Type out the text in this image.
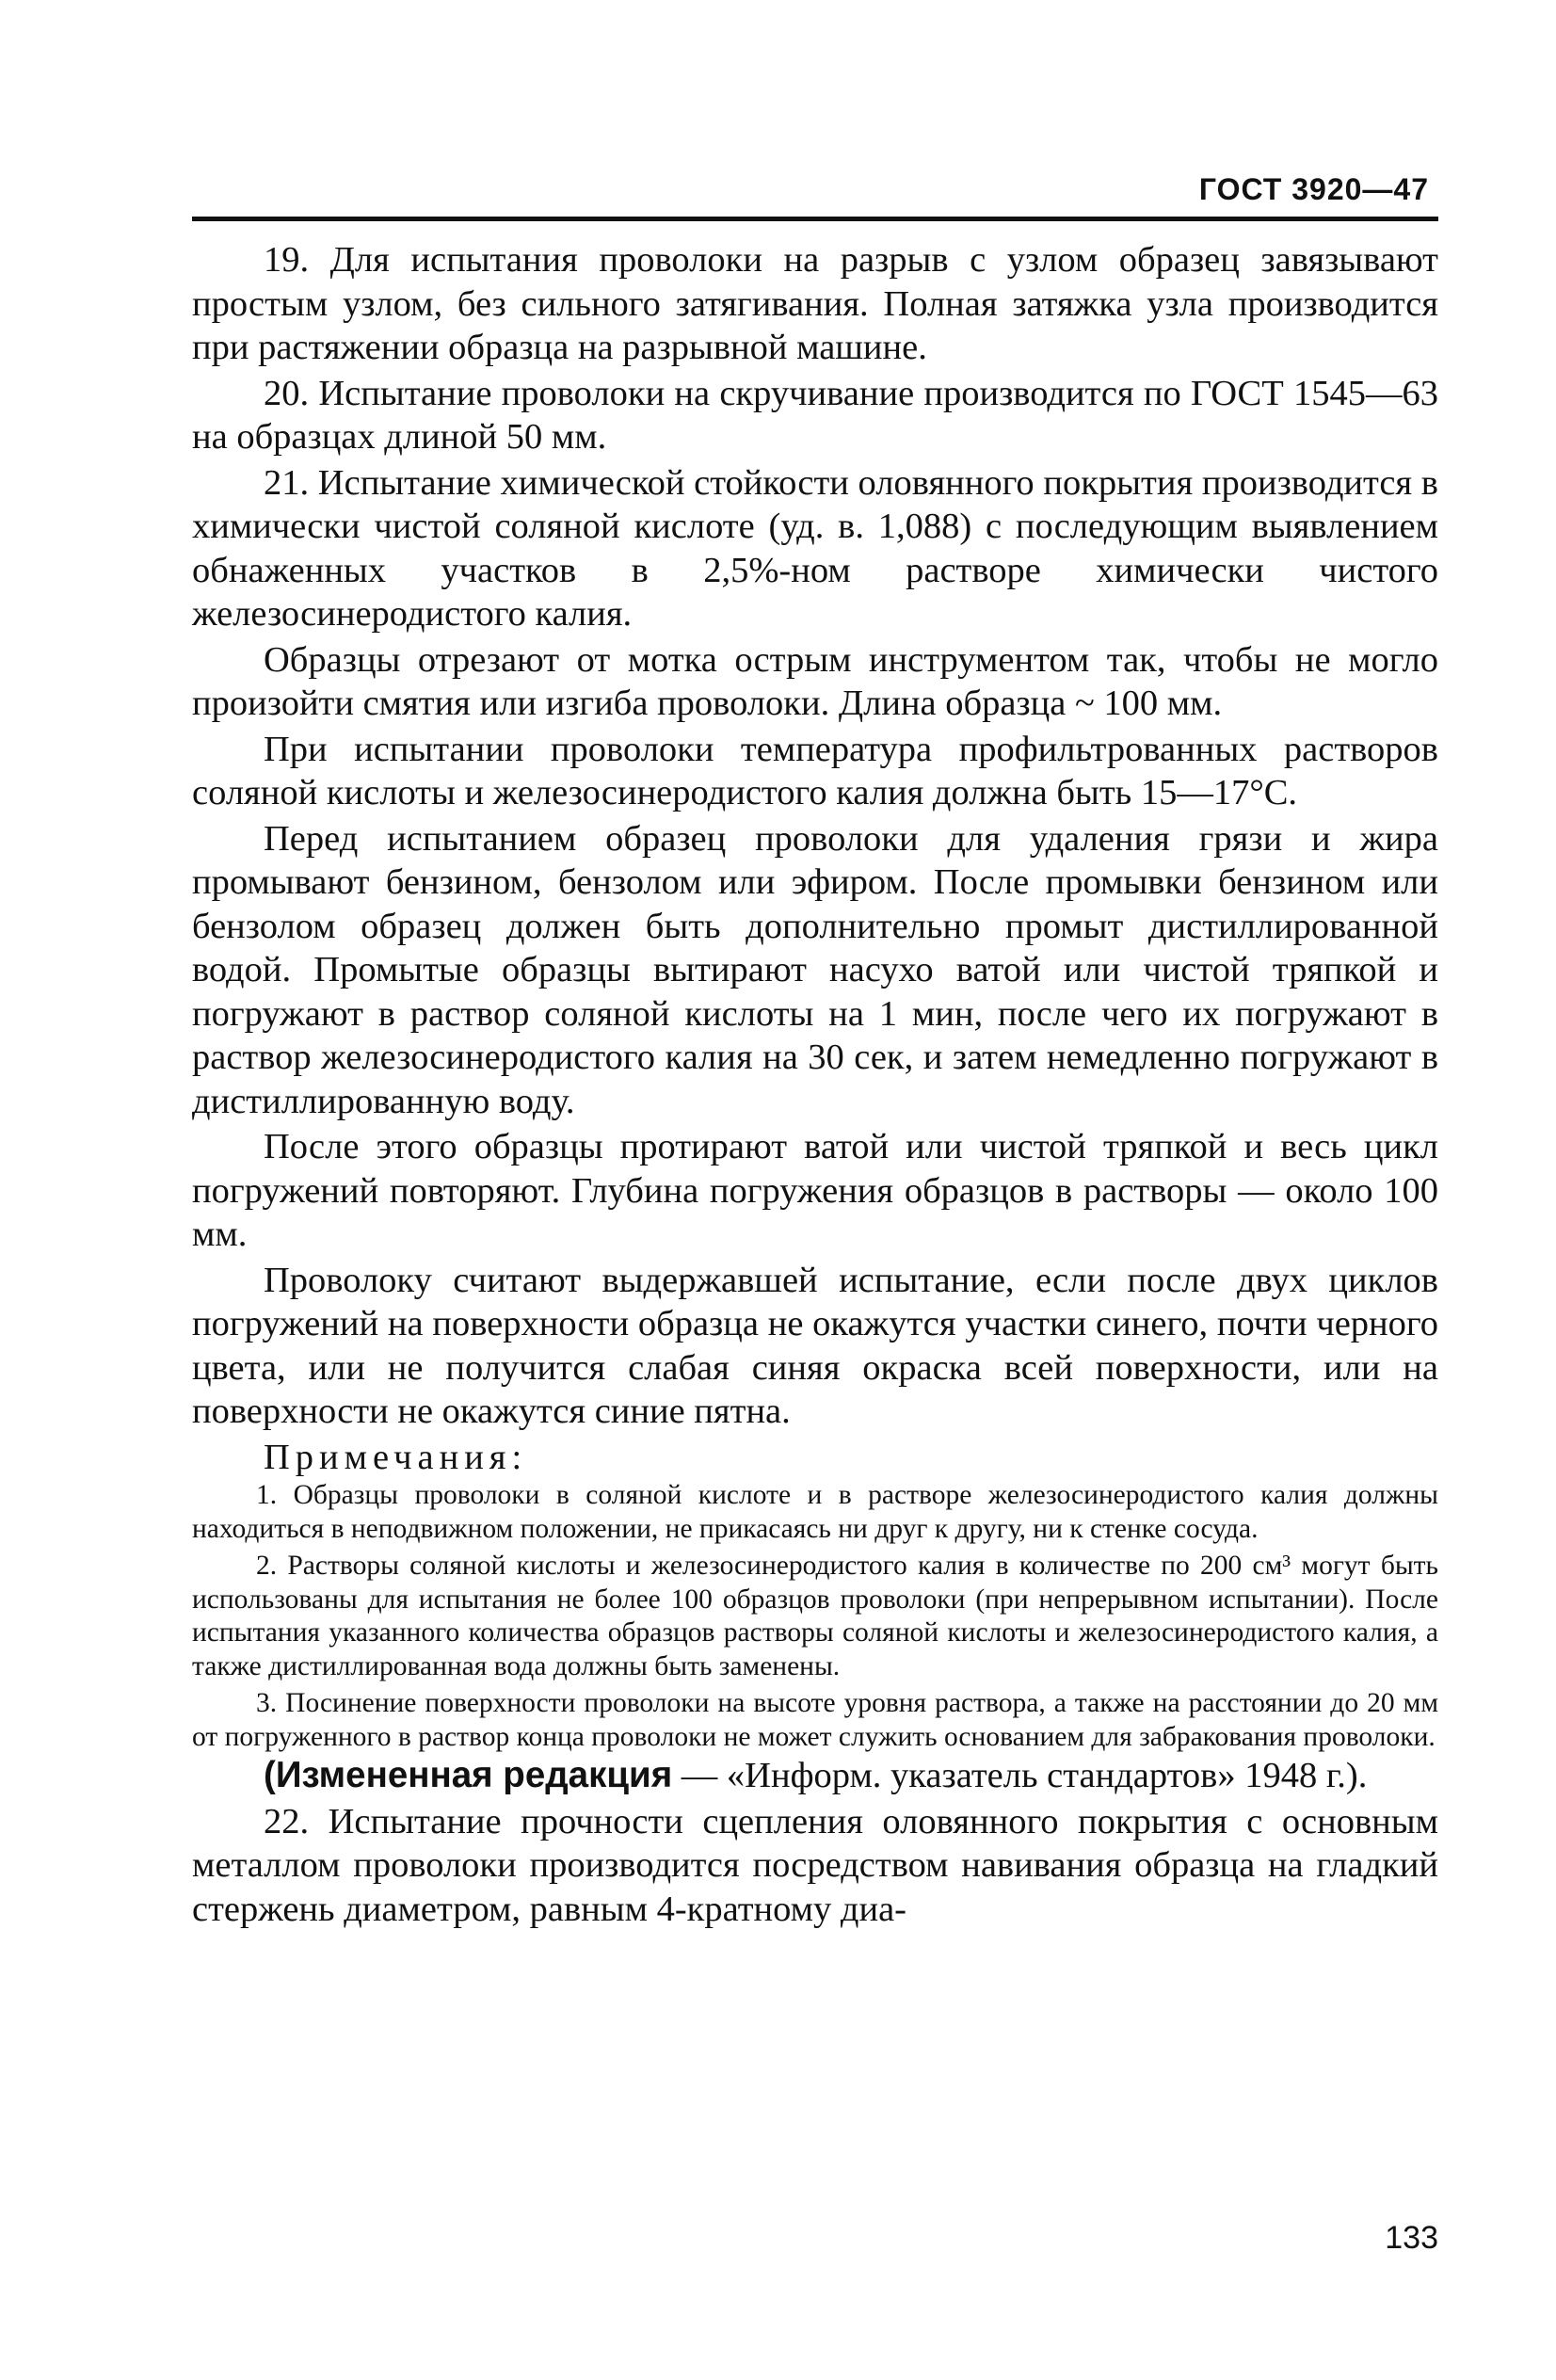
ГОСТ 3920—47

19. Для испытания проволоки на разрыв с узлом образец завязывают простым узлом, без сильного затягивания. Полная затяжка узла производится при растяжении образца на разрывной машине.

20. Испытание проволоки на скручивание производится по ГОСТ 1545—63 на образцах длиной 50 мм.

21. Испытание химической стойкости оловянного покрытия производится в химически чистой соляной кислоте (уд. в. 1,088) с последующим выявлением обнаженных участков в 2,5%-ном растворе химически чистого железосинеродистого калия.

Образцы отрезают от мотка острым инструментом так, чтобы не могло произойти смятия или изгиба проволоки. Длина образца ~ 100 мм.

При испытании проволоки температура профильтрованных растворов соляной кислоты и железосинеродистого калия должна быть 15—17°С.

Перед испытанием образец проволоки для удаления грязи и жира промывают бензином, бензолом или эфиром. После промывки бензином или бензолом образец должен быть дополнительно промыт дистиллированной водой. Промытые образцы вытирают насухо ватой или чистой тряпкой и погружают в раствор соляной кислоты на 1 мин, после чего их погружают в раствор железосинеродистого калия на 30 сек, и затем немедленно погружают в дистиллированную воду.

После этого образцы протирают ватой или чистой тряпкой и весь цикл погружений повторяют. Глубина погружения образцов в растворы — около 100 мм.

Проволоку считают выдержавшей испытание, если после двух циклов погружений на поверхности образца не окажутся участки синего, почти черного цвета, или не получится слабая синяя окраска всей поверхности, или на поверхности не окажутся синие пятна.

Примечания:

1. Образцы проволоки в соляной кислоте и в растворе железосинеродистого калия должны находиться в неподвижном положении, не прикасаясь ни друг к другу, ни к стенке сосуда.

2. Растворы соляной кислоты и железосинеродистого калия в количестве по 200 см³ могут быть использованы для испытания не более 100 образцов проволоки (при непрерывном испытании). После испытания указанного количества образцов растворы соляной кислоты и железосинеродистого калия, а также дистиллированная вода должны быть заменены.

3. Посинение поверхности проволоки на высоте уровня раствора, а также на расстоянии до 20 мм от погруженного в раствор конца проволоки не может служить основанием для забракования проволоки.

(Измененная редакция — «Информ. указатель стандартов» 1948 г.).

22. Испытание прочности сцепления оловянного покрытия с основным металлом проволоки производится посредством навивания образца на гладкий стержень диаметром, равным 4-кратному диа-

133
